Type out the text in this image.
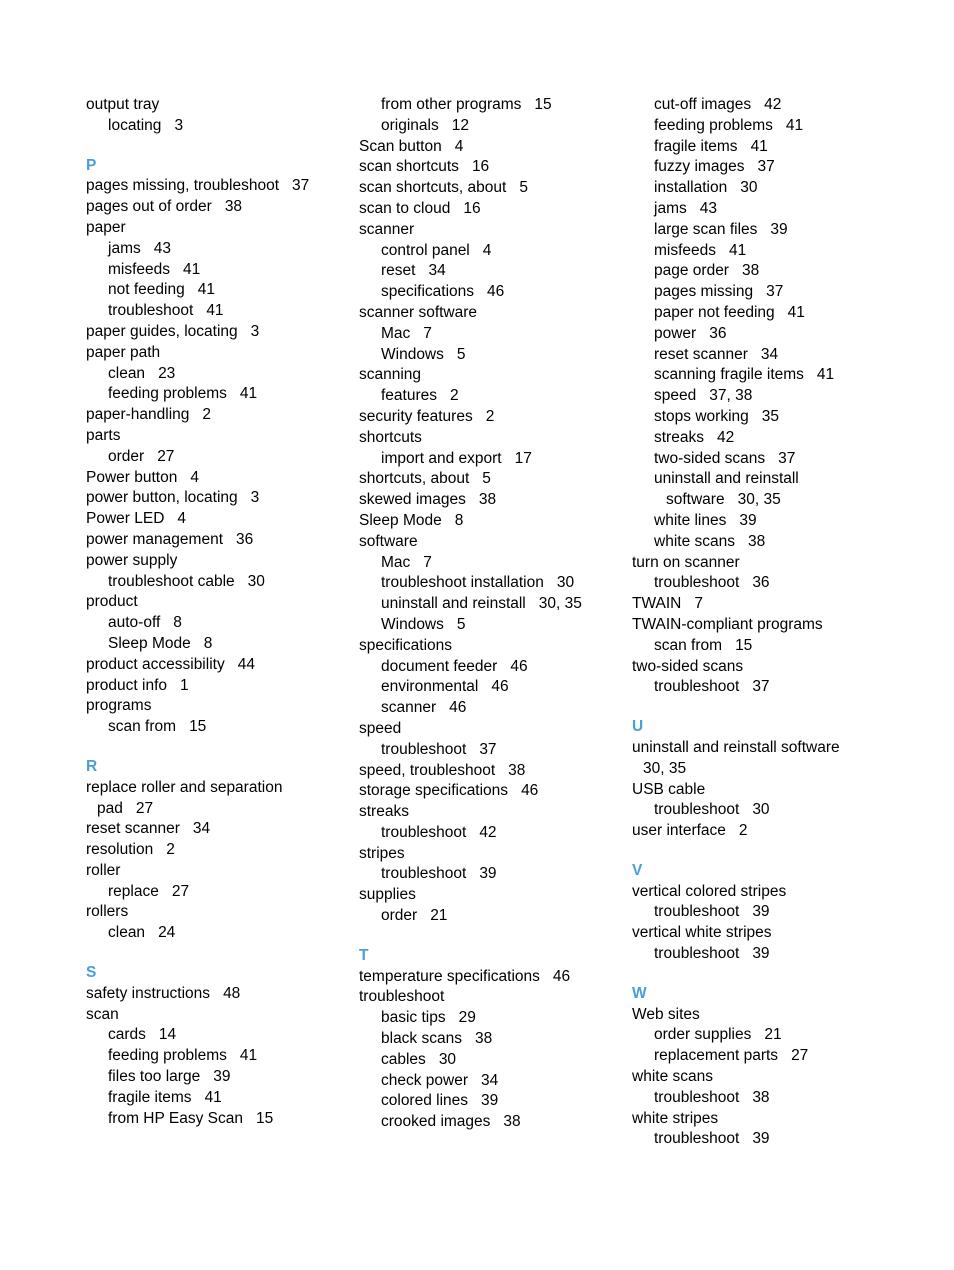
output tray
locating 3
P
pages missing, troubleshoot 37
pages out of order 38
paper
jams 43
misfeeds 41
not feeding 41
troubleshoot 41
paper guides, locating 3
paper path
clean 23
feeding problems 41
paper-handling 2
parts
order 27
Power button 4
power button, locating 3
Power LED 4
power management 36
power supply
troubleshoot cable 30
product
auto-off 8
Sleep Mode 8
product accessibility 44
product info 1
programs
scan from 15
R
replace roller and separation
pad 27
reset scanner 34
resolution 2
roller
replace 27
rollers
clean 24
S
safety instructions 48
scan
cards 14
feeding problems 41
files too large 39
fragile items 41
from HP Easy Scan 15
from other programs 15
originals 12
Scan button 4
scan shortcuts 16
scan shortcuts, about 5
scan to cloud 16
scanner
control panel 4
reset 34
specifications 46
scanner software
Mac 7
Windows 5
scanning
features 2
security features 2
shortcuts
import and export 17
shortcuts, about 5
skewed images 38
Sleep Mode 8
software
Mac 7
troubleshoot installation 30
uninstall and reinstall 30, 35
Windows 5
specifications
document feeder 46
environmental 46
scanner 46
speed
troubleshoot 37
speed, troubleshoot 38
storage specifications 46
streaks
troubleshoot 42
stripes
troubleshoot 39
supplies
order 21
T
temperature specifications 46
troubleshoot
basic tips 29
black scans 38
cables 30
check power 34
colored lines 39
crooked images 38
cut-off images 42
feeding problems 41
fragile items 41
fuzzy images 37
installation 30
jams 43
large scan files 39
misfeeds 41
page order 38
pages missing 37
paper not feeding 41
power 36
reset scanner 34
scanning fragile items 41
speed 37, 38
stops working 35
streaks 42
two-sided scans 37
uninstall and reinstall
software 30, 35
white lines 39
white scans 38
turn on scanner
troubleshoot 36
TWAIN 7
TWAIN-compliant programs
scan from 15
two-sided scans
troubleshoot 37
U
uninstall and reinstall software
30, 35
USB cable
troubleshoot 30
user interface 2
V
vertical colored stripes
troubleshoot 39
vertical white stripes
troubleshoot 39
W
Web sites
order supplies 21
replacement parts 27
white scans
troubleshoot 38
white stripes
troubleshoot 39
